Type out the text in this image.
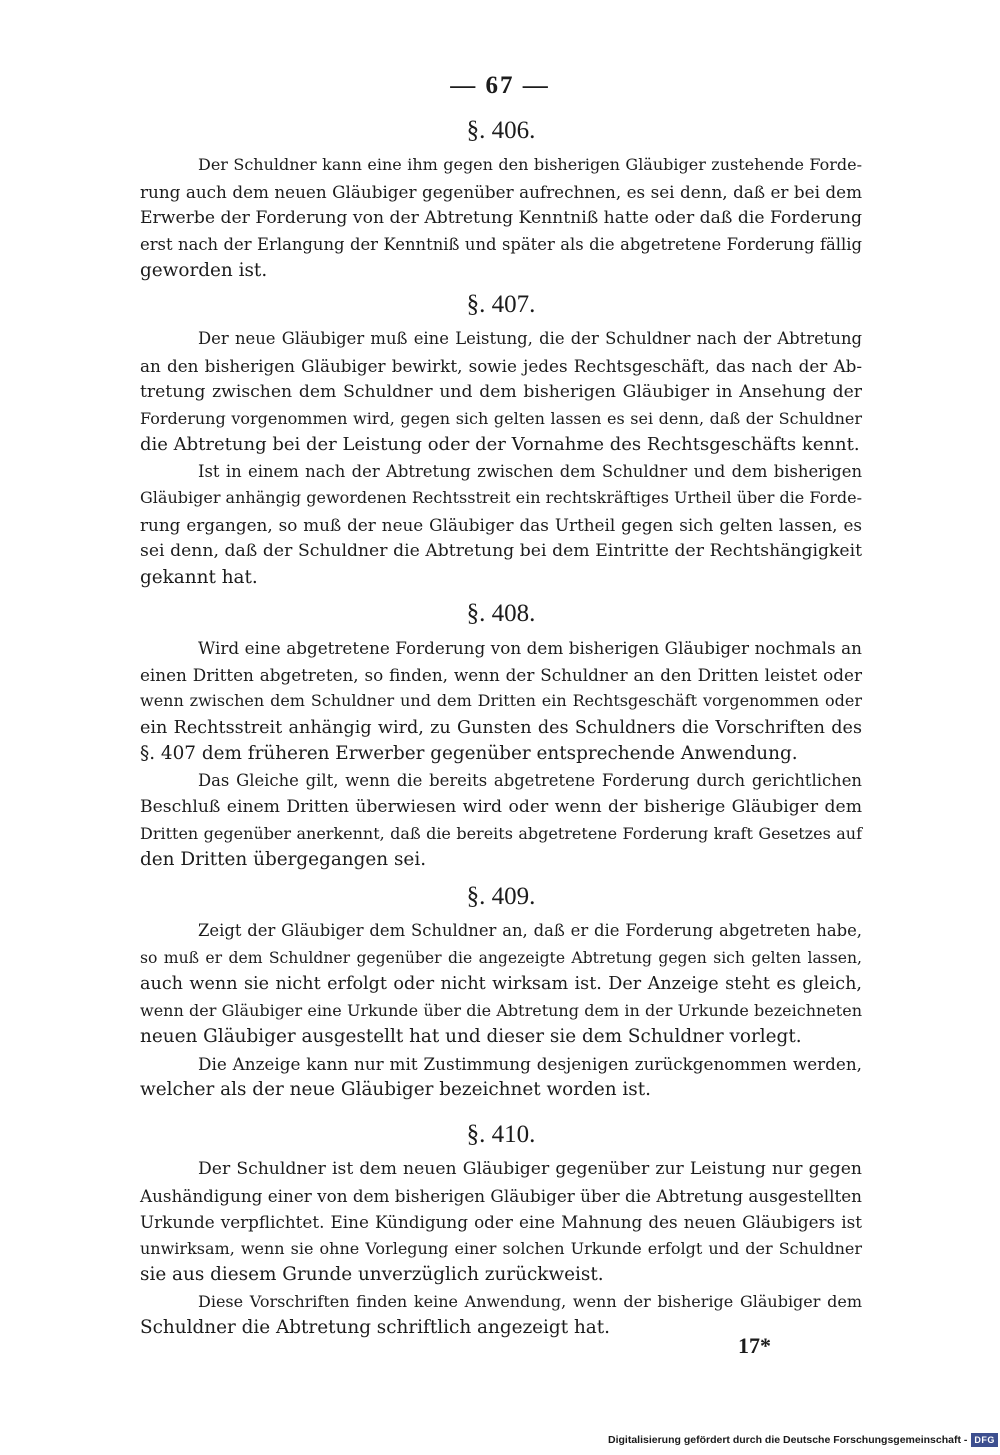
— 67 —
§. 406.
Der Schuldner kann eine ihm gegen den bisherigen Gläubiger zustehende Forde-
rung auch dem neuen Gläubiger gegenüber aufrechnen, es sei denn, daß er bei dem
Erwerbe der Forderung von der Abtretung Kenntniß hatte oder daß die Forderung
erst nach der Erlangung der Kenntniß und später als die abgetretene Forderung fällig
geworden ist.
§. 407.
Der neue Gläubiger muß eine Leistung, die der Schuldner nach der Abtretung
an den bisherigen Gläubiger bewirkt, sowie jedes Rechtsgeschäft, das nach der Ab-
tretung zwischen dem Schuldner und dem bisherigen Gläubiger in Ansehung der
Forderung vorgenommen wird, gegen sich gelten lassen es sei denn, daß der Schuldner
die Abtretung bei der Leistung oder der Vornahme des Rechtsgeschäfts kennt.
Ist in einem nach der Abtretung zwischen dem Schuldner und dem bisherigen
Gläubiger anhängig gewordenen Rechtsstreit ein rechtskräftiges Urtheil über die Forde-
rung ergangen, so muß der neue Gläubiger das Urtheil gegen sich gelten lassen, es
sei denn, daß der Schuldner die Abtretung bei dem Eintritte der Rechtshängigkeit
gekannt hat.
§. 408.
Wird eine abgetretene Forderung von dem bisherigen Gläubiger nochmals an
einen Dritten abgetreten, so finden, wenn der Schuldner an den Dritten leistet oder
wenn zwischen dem Schuldner und dem Dritten ein Rechtsgeschäft vorgenommen oder
ein Rechtsstreit anhängig wird, zu Gunsten des Schuldners die Vorschriften des
§. 407 dem früheren Erwerber gegenüber entsprechende Anwendung.
Das Gleiche gilt, wenn die bereits abgetretene Forderung durch gerichtlichen
Beschluß einem Dritten überwiesen wird oder wenn der bisherige Gläubiger dem
Dritten gegenüber anerkennt, daß die bereits abgetretene Forderung kraft Gesetzes auf
den Dritten übergegangen sei.
§. 409.
Zeigt der Gläubiger dem Schuldner an, daß er die Forderung abgetreten habe,
so muß er dem Schuldner gegenüber die angezeigte Abtretung gegen sich gelten lassen,
auch wenn sie nicht erfolgt oder nicht wirksam ist. Der Anzeige steht es gleich,
wenn der Gläubiger eine Urkunde über die Abtretung dem in der Urkunde bezeichneten
neuen Gläubiger ausgestellt hat und dieser sie dem Schuldner vorlegt.
Die Anzeige kann nur mit Zustimmung desjenigen zurückgenommen werden,
welcher als der neue Gläubiger bezeichnet worden ist.
§. 410.
Der Schuldner ist dem neuen Gläubiger gegenüber zur Leistung nur gegen
Aushändigung einer von dem bisherigen Gläubiger über die Abtretung ausgestellten
Urkunde verpflichtet. Eine Kündigung oder eine Mahnung des neuen Gläubigers ist
unwirksam, wenn sie ohne Vorlegung einer solchen Urkunde erfolgt und der Schuldner
sie aus diesem Grunde unverzüglich zurückweist.
Diese Vorschriften finden keine Anwendung, wenn der bisherige Gläubiger dem
Schuldner die Abtretung schriftlich angezeigt hat.
17*
Digitalisierung gefördert durch die Deutsche Forschungsgemeinschaft - DFG
